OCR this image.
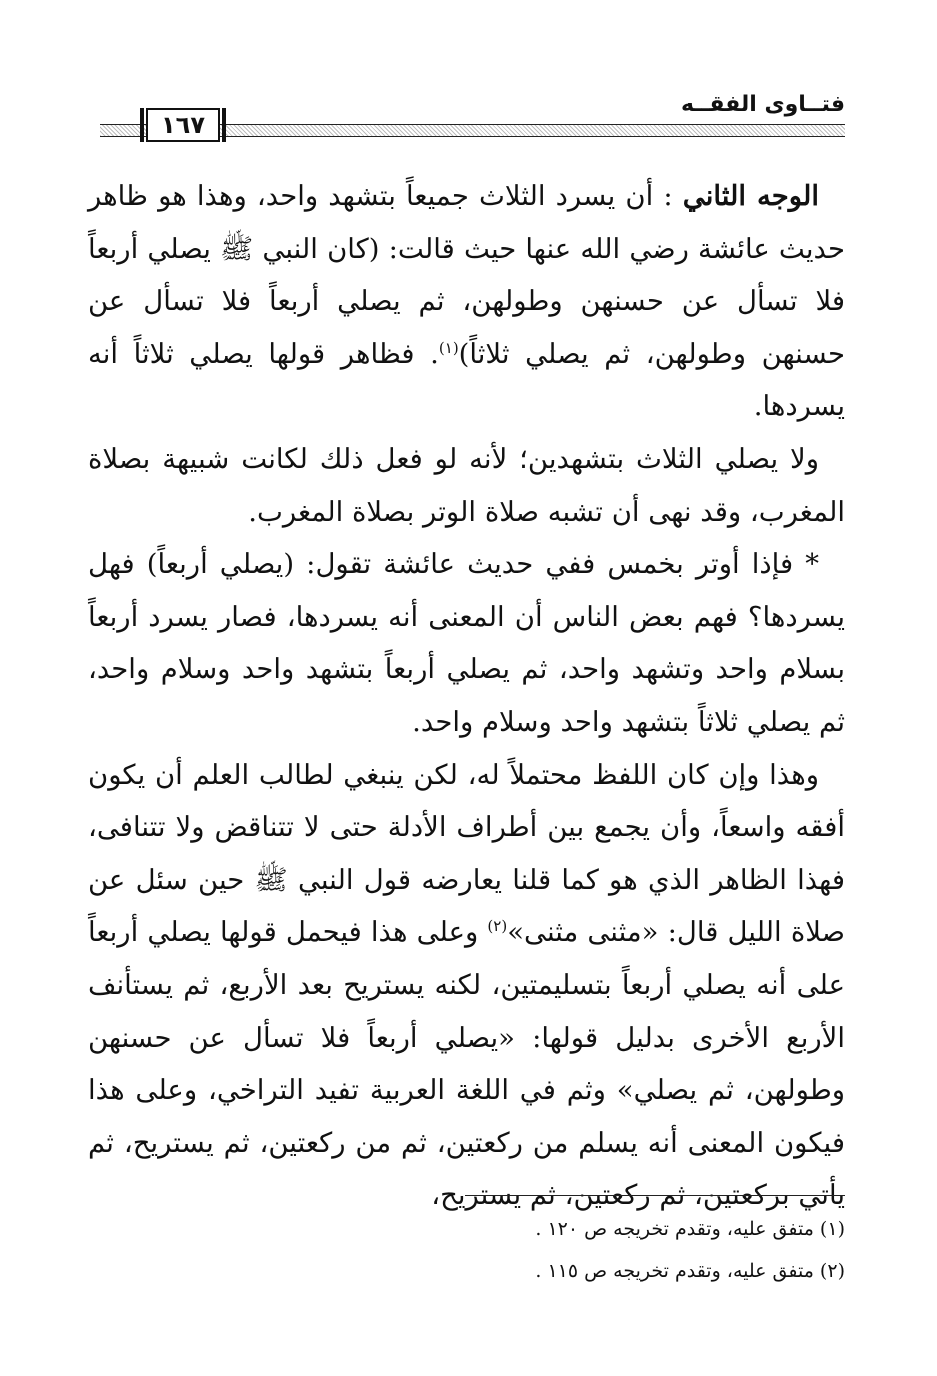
فتــاوى الفقــه
١٦٧

الوجه الثاني : أن يسرد الثلاث جميعاً بتشهد واحد، وهذا هو ظاهر حديث عائشة رضي الله عنها حيث قالت: (كان النبي ﷺ يصلي أربعاً فلا تسأل عن حسنهن وطولهن، ثم يصلي أربعاً فلا تسأل عن حسنهن وطولهن، ثم يصلي ثلاثاً)$^{(١)}$. فظاهر قولها يصلي ثلاثاً أنه يسردها.

ولا يصلي الثلاث بتشهدين؛ لأنه لو فعل ذلك لكانت شبيهة بصلاة المغرب، وقد نهى أن تشبه صلاة الوتر بصلاة المغرب.

* فإذا أوتر بخمس ففي حديث عائشة تقول: (يصلي أربعاً) فهل يسردها؟ فهم بعض الناس أن المعنى أنه يسردها، فصار يسرد أربعاً بسلام واحد وتشهد واحد، ثم يصلي أربعاً بتشهد واحد وسلام واحد، ثم يصلي ثلاثاً بتشهد واحد وسلام واحد.

وهذا وإن كان اللفظ محتملاً له، لكن ينبغي لطالب العلم أن يكون أفقه واسعاً، وأن يجمع بين أطراف الأدلة حتى لا تتناقض ولا تتنافى، فهذا الظاهر الذي هو كما قلنا يعارضه قول النبي ﷺ حين سئل عن صلاة الليل قال: «مثنى مثنى»$^{(٢)}$ وعلى هذا فيحمل قولها يصلي أربعاً على أنه يصلي أربعاً بتسليمتين، لكنه يستريح بعد الأربع، ثم يستأنف الأربع الأخرى بدليل قولها: «يصلي أربعاً فلا تسأل عن حسنهن وطولهن، ثم يصلي» وثم في اللغة العربية تفيد التراخي، وعلى هذا فيكون المعنى أنه يسلم من ركعتين، ثم من ركعتين، ثم يستريح، ثم يأتي بركعتين، ثم ركعتين، ثم يستريح،

(١) متفق عليه، وتقدم تخريجه ص ١٢٠ .

(٢) متفق عليه، وتقدم تخريجه ص ١١٥ .
